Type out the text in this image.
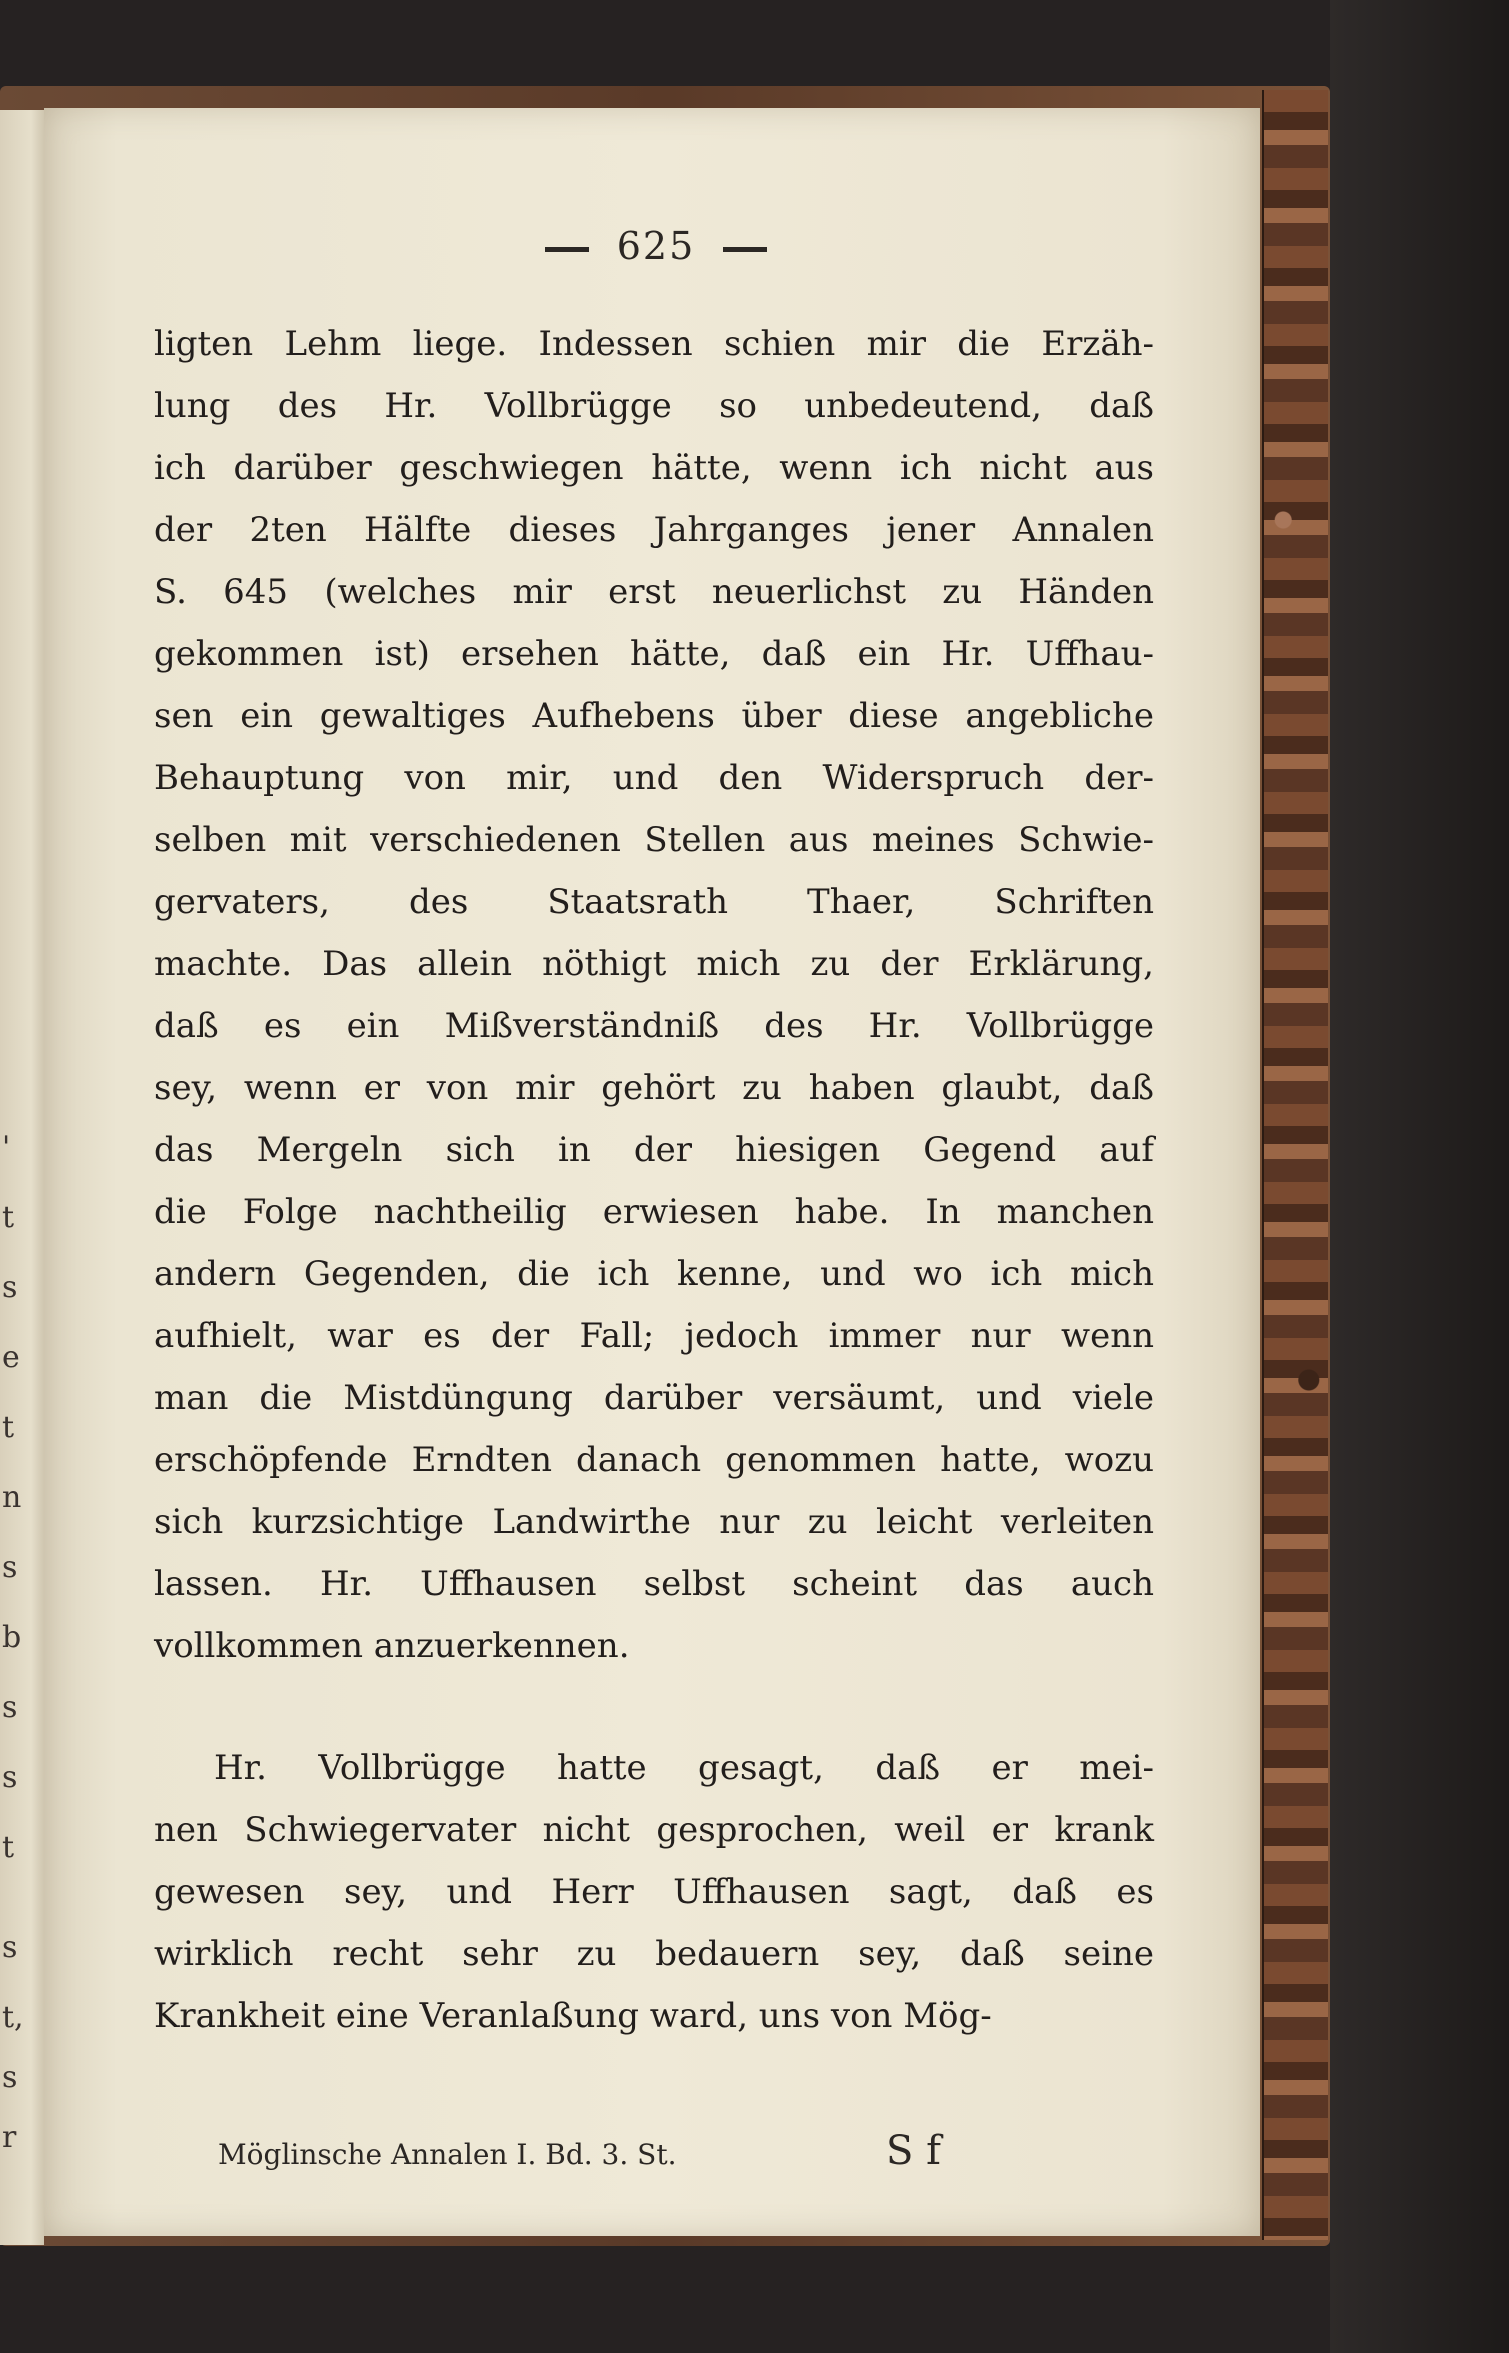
'
t
s
e
t
n
s
b
s
s
t
s
t,
s
r
625
ligten Lehm liege. Indessen schien mir die Erzäh-
lung des Hr. Vollbrügge so unbedeutend, daß
ich darüber geschwiegen hätte, wenn ich nicht aus
der 2ten Hälfte dieses Jahrganges jener Annalen
S. 645 (welches mir erst neuerlichst zu Händen
gekommen ist) ersehen hätte, daß ein Hr. Uffhau-
sen ein gewaltiges Aufhebens über diese angebliche
Behauptung von mir, und den Widerspruch der-
selben mit verschiedenen Stellen aus meines Schwie-
gervaters, des Staatsrath Thaer, Schriften
machte. Das allein nöthigt mich zu der Erklärung,
daß es ein Mißverständniß des Hr. Vollbrügge
sey, wenn er von mir gehört zu haben glaubt, daß
das Mergeln sich in der hiesigen Gegend auf
die Folge nachtheilig erwiesen habe. In manchen
andern Gegenden, die ich kenne, und wo ich mich
aufhielt, war es der Fall; jedoch immer nur wenn
man die Mistdüngung darüber versäumt, und viele
erschöpfende Erndten danach genommen hatte, wozu
sich kurzsichtige Landwirthe nur zu leicht verleiten
lassen. Hr. Uffhausen selbst scheint das auch
vollkommen anzuerkennen.
Hr. Vollbrügge hatte gesagt, daß er mei-
nen Schwiegervater nicht gesprochen, weil er krank
gewesen sey, und Herr Uffhausen sagt, daß es
wirklich recht sehr zu bedauern sey, daß seine
Krankheit eine Veranlaßung ward, uns von Mög-
Möglinsche Annalen I. Bd. 3. St.	S f
